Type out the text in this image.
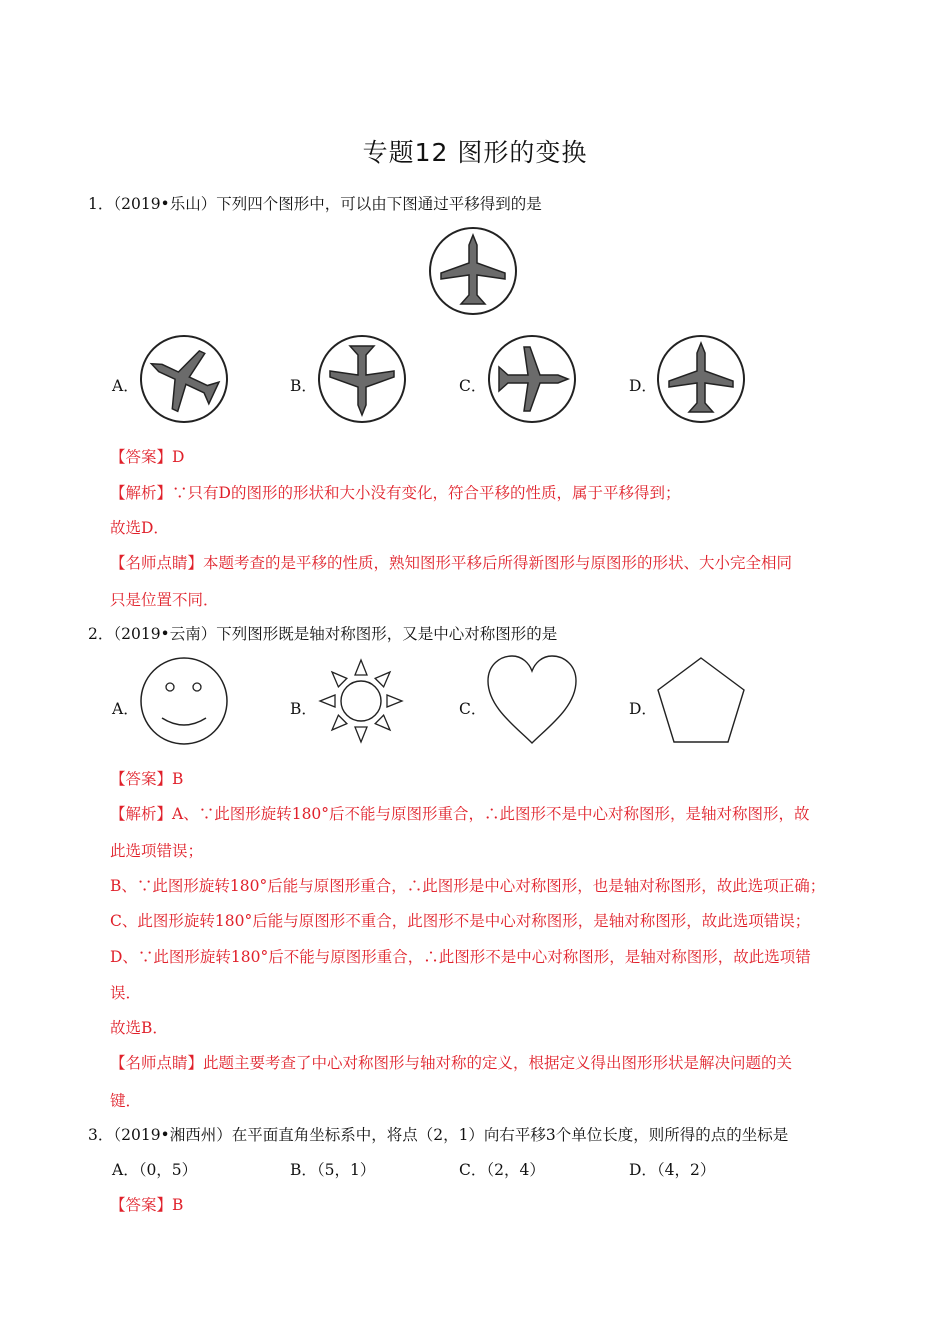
专题12 图形的变换
1．（2019•乐山）下列四个图形中，可以由下图通过平移得到的是
A．	B．	C．	D．
【答案】D
【解析】∵只有D的图形的形状和大小没有变化，符合平移的性质，属于平移得到；
故选D．
【名师点睛】本题考查的是平移的性质，熟知图形平移后所得新图形与原图形的形状、大小完全相同
只是位置不同．
2．（2019•云南）下列图形既是轴对称图形，又是中心对称图形的是
A．	B．	C．	D．
【答案】B
【解析】A、∵此图形旋转180°后不能与原图形重合，∴此图形不是中心对称图形，是轴对称图形，故
此选项错误；
B、∵此图形旋转180°后能与原图形重合，∴此图形是中心对称图形，也是轴对称图形，故此选项正确；
C、此图形旋转180°后能与原图形不重合，此图形不是中心对称图形，是轴对称图形，故此选项错误；
D、∵此图形旋转180°后不能与原图形重合，∴此图形不是中心对称图形，是轴对称图形，故此选项错
误．
故选B．
【名师点睛】此题主要考查了中心对称图形与轴对称的定义，根据定义得出图形形状是解决问题的关
键．
3．（2019•湘西州）在平面直角坐标系中，将点（2，1）向右平移3个单位长度，则所得的点的坐标是
A．（0，5）	B．（5，1）	C．（2，4）	D．（4，2）
【答案】B
